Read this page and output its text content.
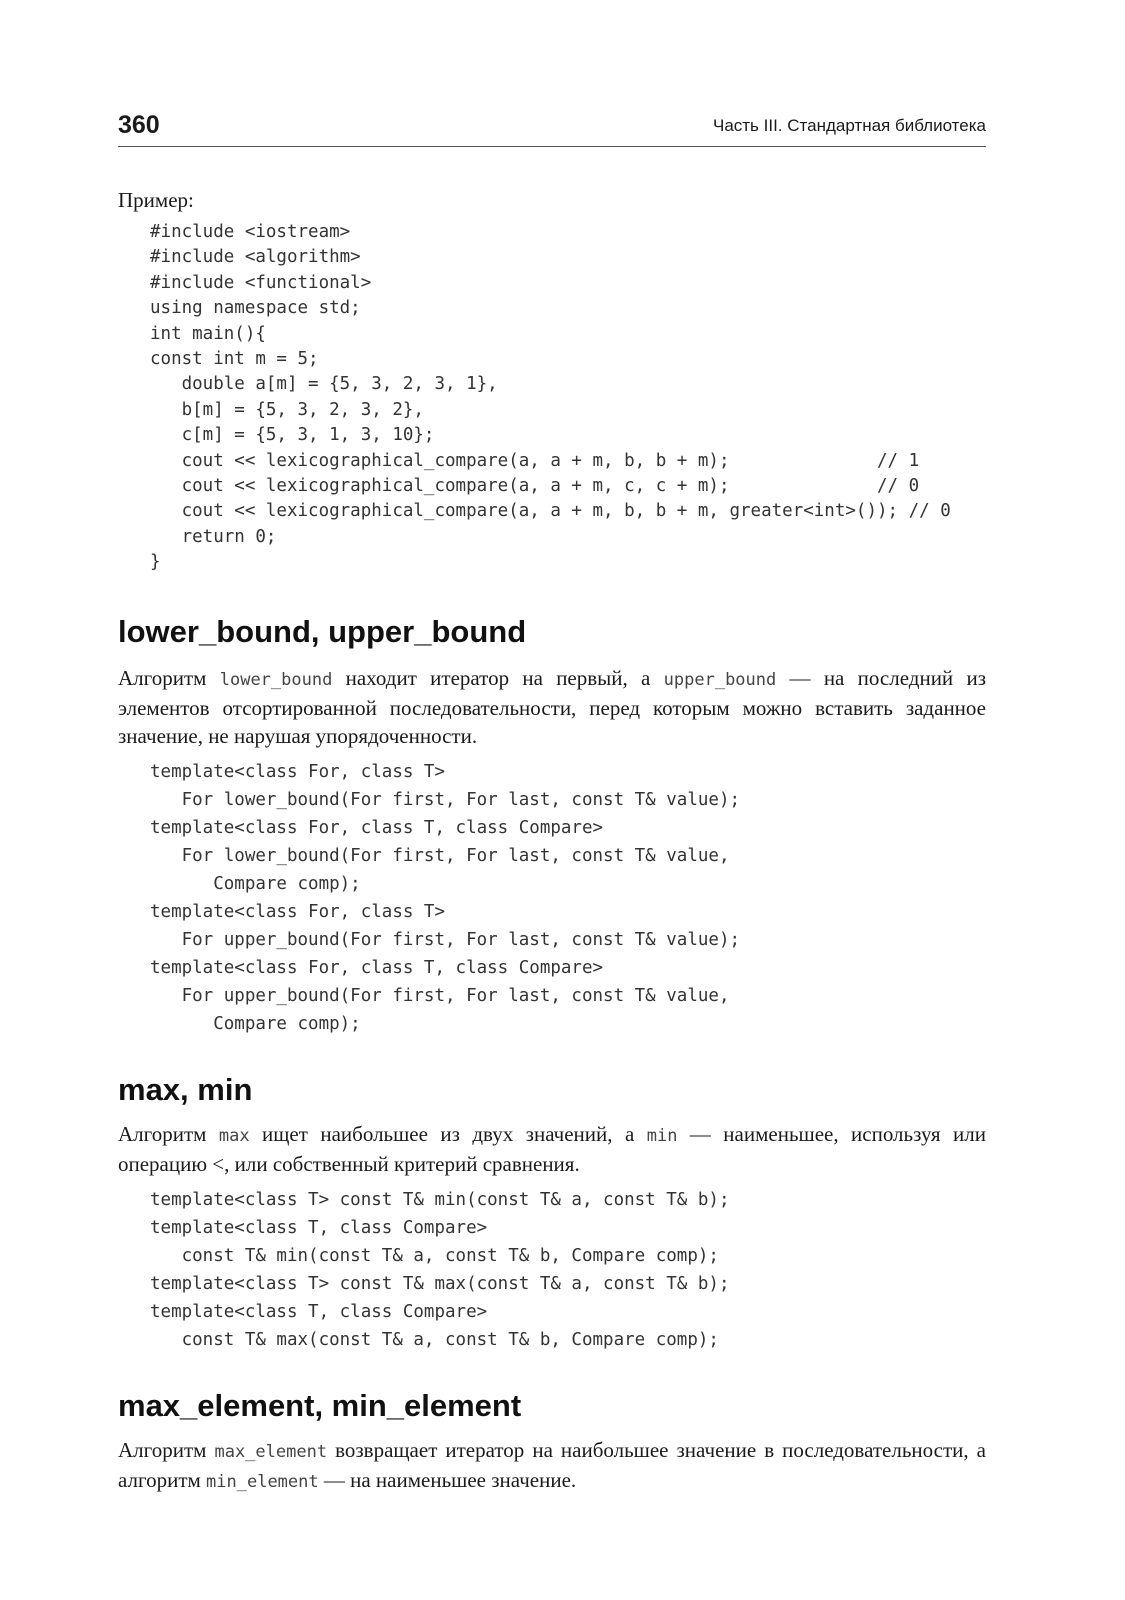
360	Часть III. Стандартная библиотека

Пример:

#include <iostream>
#include <algorithm>
#include <functional>
using namespace std;
int main(){
const int m = 5;
double a[m] = {5, 3, 2, 3, 1},
b[m] = {5, 3, 2, 3, 2},
c[m] = {5, 3, 1, 3, 10};
cout << lexicographical_compare(a, a + m, b, b + m);              // 1
cout << lexicographical_compare(a, a + m, c, c + m);              // 0
cout << lexicographical_compare(a, a + m, b, b + m, greater<int>()); // 0
return 0;
}
lower_bound, upper_bound

Алгоритм lower_bound находит итератор на первый, а upper_bound — на последний из элементов отсортированной последовательности, перед которым можно вставить заданное значение, не нарушая упорядоченности.

template<class For, class T>
For lower_bound(For first, For last, const T& value);
template<class For, class T, class Compare>
For lower_bound(For first, For last, const T& value,
Compare comp);
template<class For, class T>
For upper_bound(For first, For last, const T& value);
template<class For, class T, class Compare>
For upper_bound(For first, For last, const T& value,
Compare comp);
max, min

Алгоритм max ищет наибольшее из двух значений, а min — наименьшее, используя или операцию <, или собственный критерий сравнения.

template<class T> const T& min(const T& a, const T& b);
template<class T, class Compare>
const T& min(const T& a, const T& b, Compare comp);
template<class T> const T& max(const T& a, const T& b);
template<class T, class Compare>
const T& max(const T& a, const T& b, Compare comp);
max_element, min_element

Алгоритм max_element возвращает итератор на наибольшее значение в последовательности, а алгоритм min_element — на наименьшее значение.
